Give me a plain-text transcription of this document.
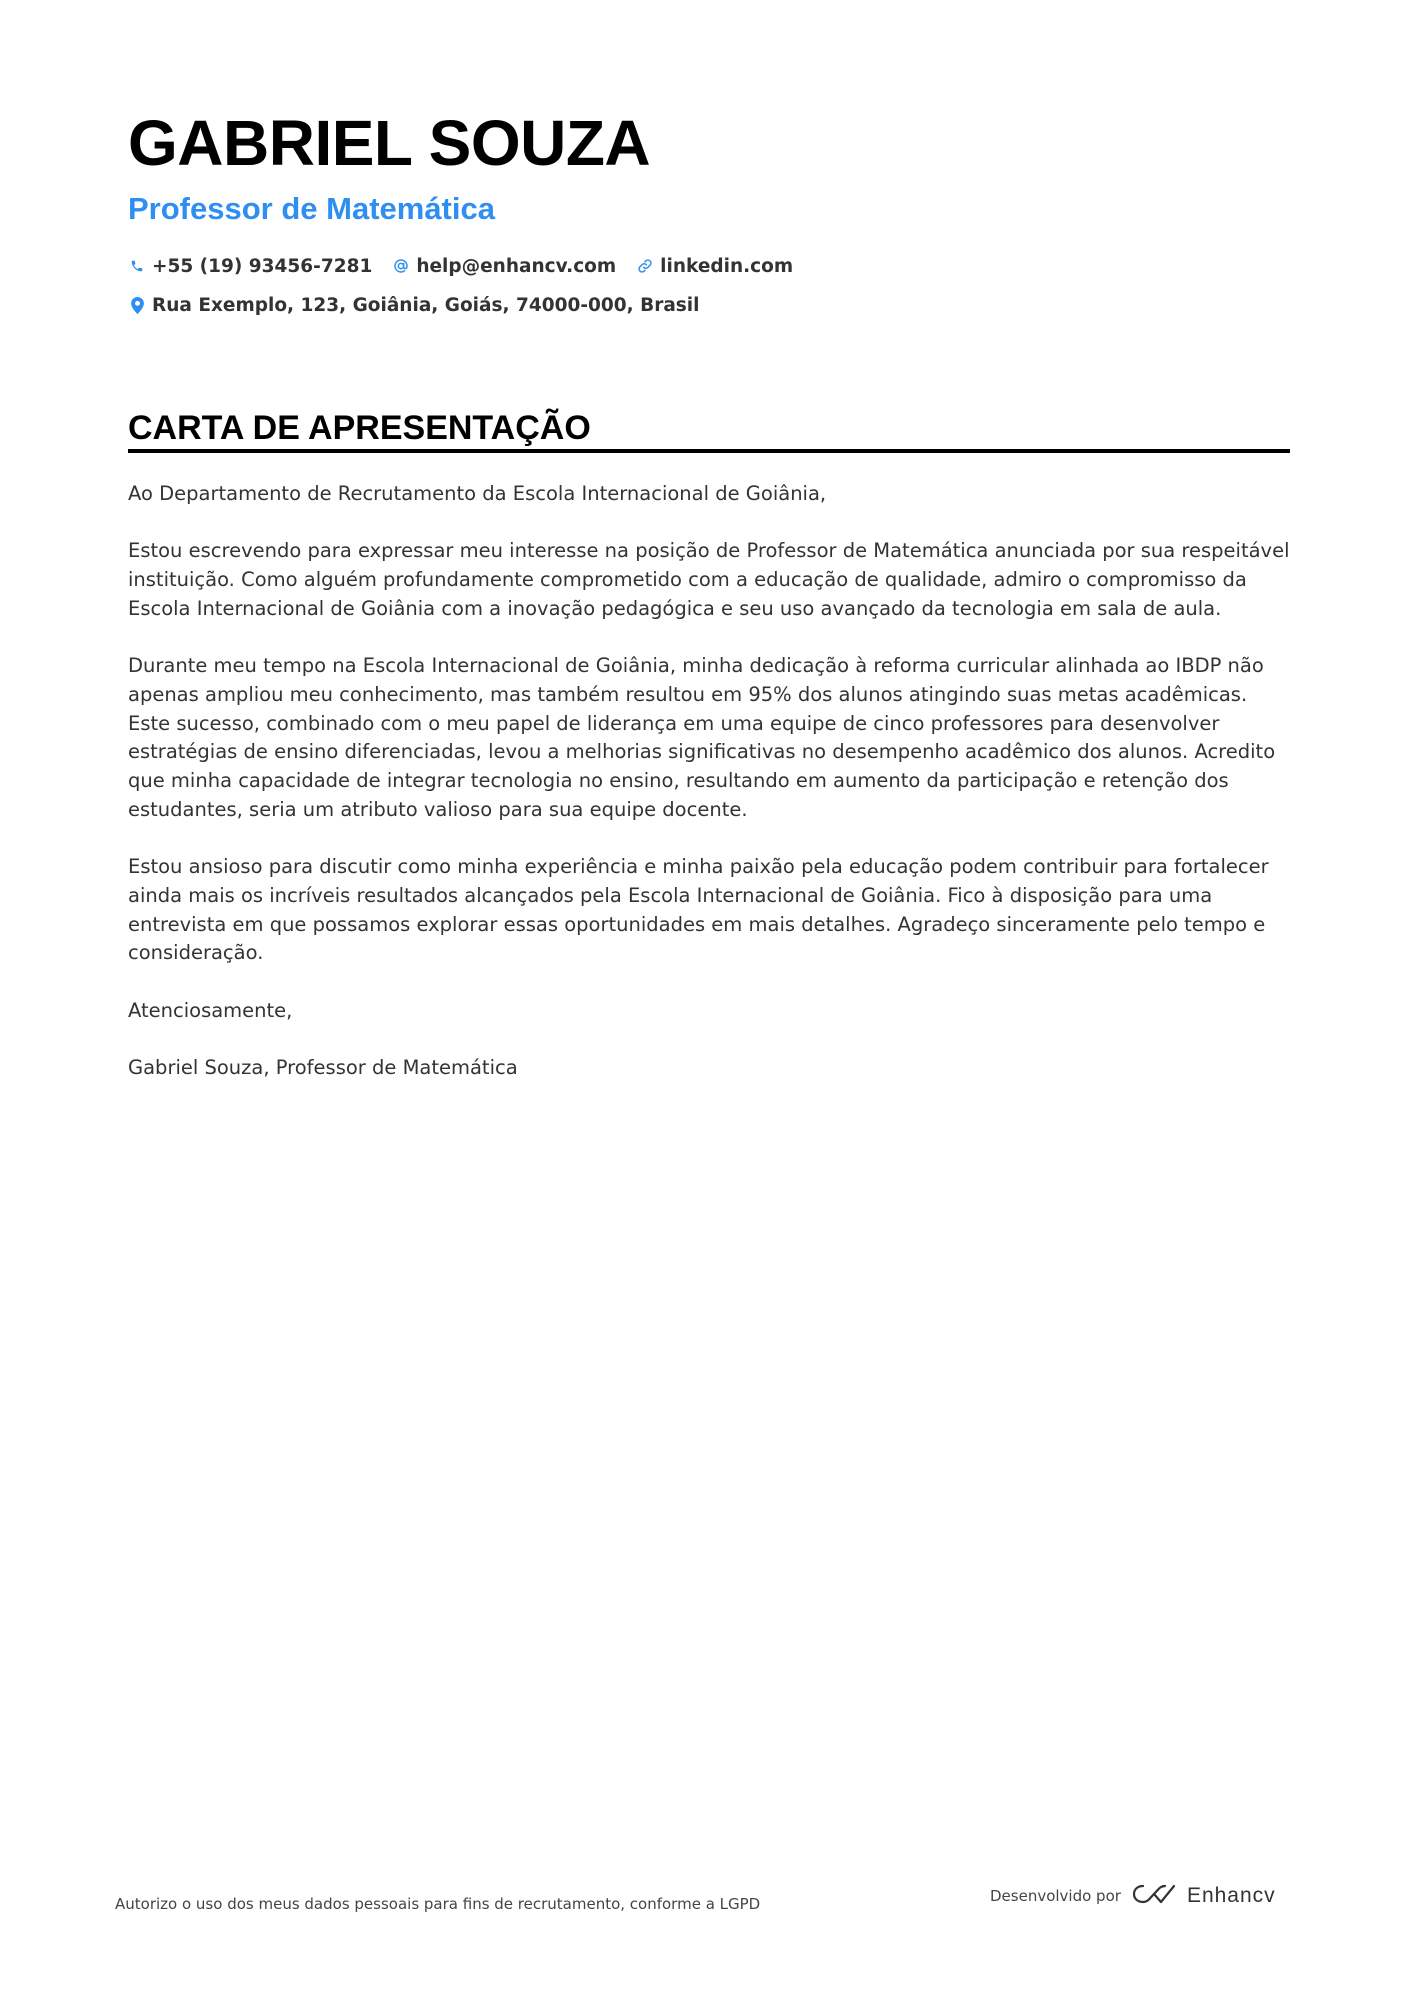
GABRIEL SOUZA
Professor de Matemática
+55 (19) 93456-7281 help@enhancv.com linkedin.com
Rua Exemplo, 123, Goiânia, Goiás, 74000-000, Brasil
CARTA DE APRESENTAÇÃO

Ao Departamento de Recrutamento da Escola Internacional de Goiânia,

Estou escrevendo para expressar meu interesse na posição de Professor de Matemática anunciada por sua respeitável instituição. Como alguém profundamente comprometido com a educação de qualidade, admiro o compromisso da Escola Internacional de Goiânia com a inovação pedagógica e seu uso avançado da tecnologia em sala de aula.

Durante meu tempo na Escola Internacional de Goiânia, minha dedicação à reforma curricular alinhada ao IBDP não apenas ampliou meu conhecimento, mas também resultou em 95% dos alunos atingindo suas metas acadêmicas. Este sucesso, combinado com o meu papel de liderança em uma equipe de cinco professores para desenvolver estratégias de ensino diferenciadas, levou a melhorias significativas no desempenho acadêmico dos alunos. Acredito que minha capacidade de integrar tecnologia no ensino, resultando em aumento da participação e retenção dos estudantes, seria um atributo valioso para sua equipe docente.

Estou ansioso para discutir como minha experiência e minha paixão pela educação podem contribuir para fortalecer ainda mais os incríveis resultados alcançados pela Escola Internacional de Goiânia. Fico à disposição para uma entrevista em que possamos explorar essas oportunidades em mais detalhes. Agradeço sinceramente pelo tempo e consideração.

Atenciosamente,

Gabriel Souza, Professor de Matemática

Autorizo o uso dos meus dados pessoais para fins de recrutamento, conforme a LGPD	Desenvolvido por	Enhancv
